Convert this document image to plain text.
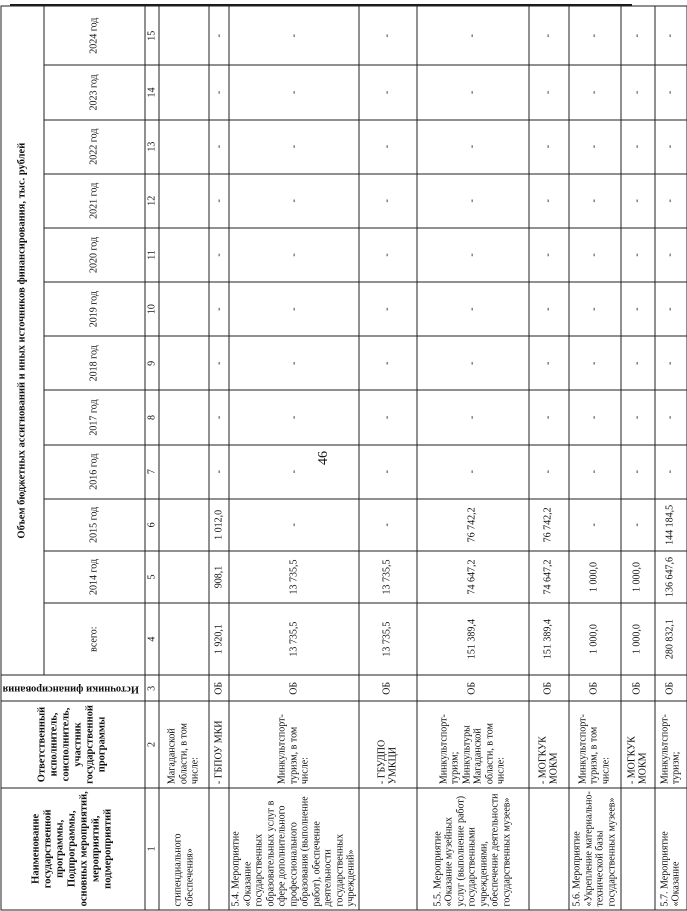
46
Наименование государственной программы, Подпрограммы, основных мероприятий, мероприятий, подмероприятий	Ответственный исполнитель, соисполнитель, участник государственной программы	Источники финансирования	Объем бюджетных ассигнований и иных источников финансирования, тыс. рублей											
			всего:	2014 год	2015 год	2016 год	2017 год	2018 год	2019 год	2020 год	2021 год	2022 год	2023 год	2024 год
1	2	3	4	5	6	7	8	9	10	11	12	13	14	15
стипендиального обеспечения»	Магаданской области, в том числе:													
	- ГБПОУ МКИ	ОБ	1 920,1	908,1	1 012,0	-	-	-	-	-	-	-	-	-
5.4. Мероприятие «Оказание государственных образовательных услуг в сфере дополнительного профессионального образования (выполнение работ), обеспечение деятельности государственных учреждений»	Минкультспорт-туризм, в том числе:	ОБ	13 735,5	13 735,5	-	-	-	-	-	-	-	-	-	-
	- ГБУДПО УМКЦИ	ОБ	13 735,5	13 735,5	-	-	-	-	-	-	-	-	-	-
5.5. Мероприятие «Оказание музейных услуг (выполнение работ) государственными учреждениями, обеспечение деятельности государственных музеев»	Минкультспорт-туризм; Минкультуры Магаданской области, в том числе:	ОБ	151 389,4	74 647,2	76 742,2	-	-	-	-	-	-	-	-	-
	- МОГКУК МОКМ	ОБ	151 389,4	74 647,2	76 742,2	-	-	-	-	-	-	-	-	-
5.6. Мероприятие «Укрепление материально-технической базы государственных музеев»	Минкультспорт-туризм, в том числе:	ОБ	1 000,0	1 000,0	-	-	-	-	-	-	-	-	-	-
	- МОГКУК МОКМ	ОБ	1 000,0	1 000,0	-	-	-	-	-	-	-	-	-	-
5.7. Мероприятие «Оказание	Минкультспорт-туризм;	ОБ	280 832,1	136 647,6	144 184,5	-	-	-	-	-	-	-	-	-
